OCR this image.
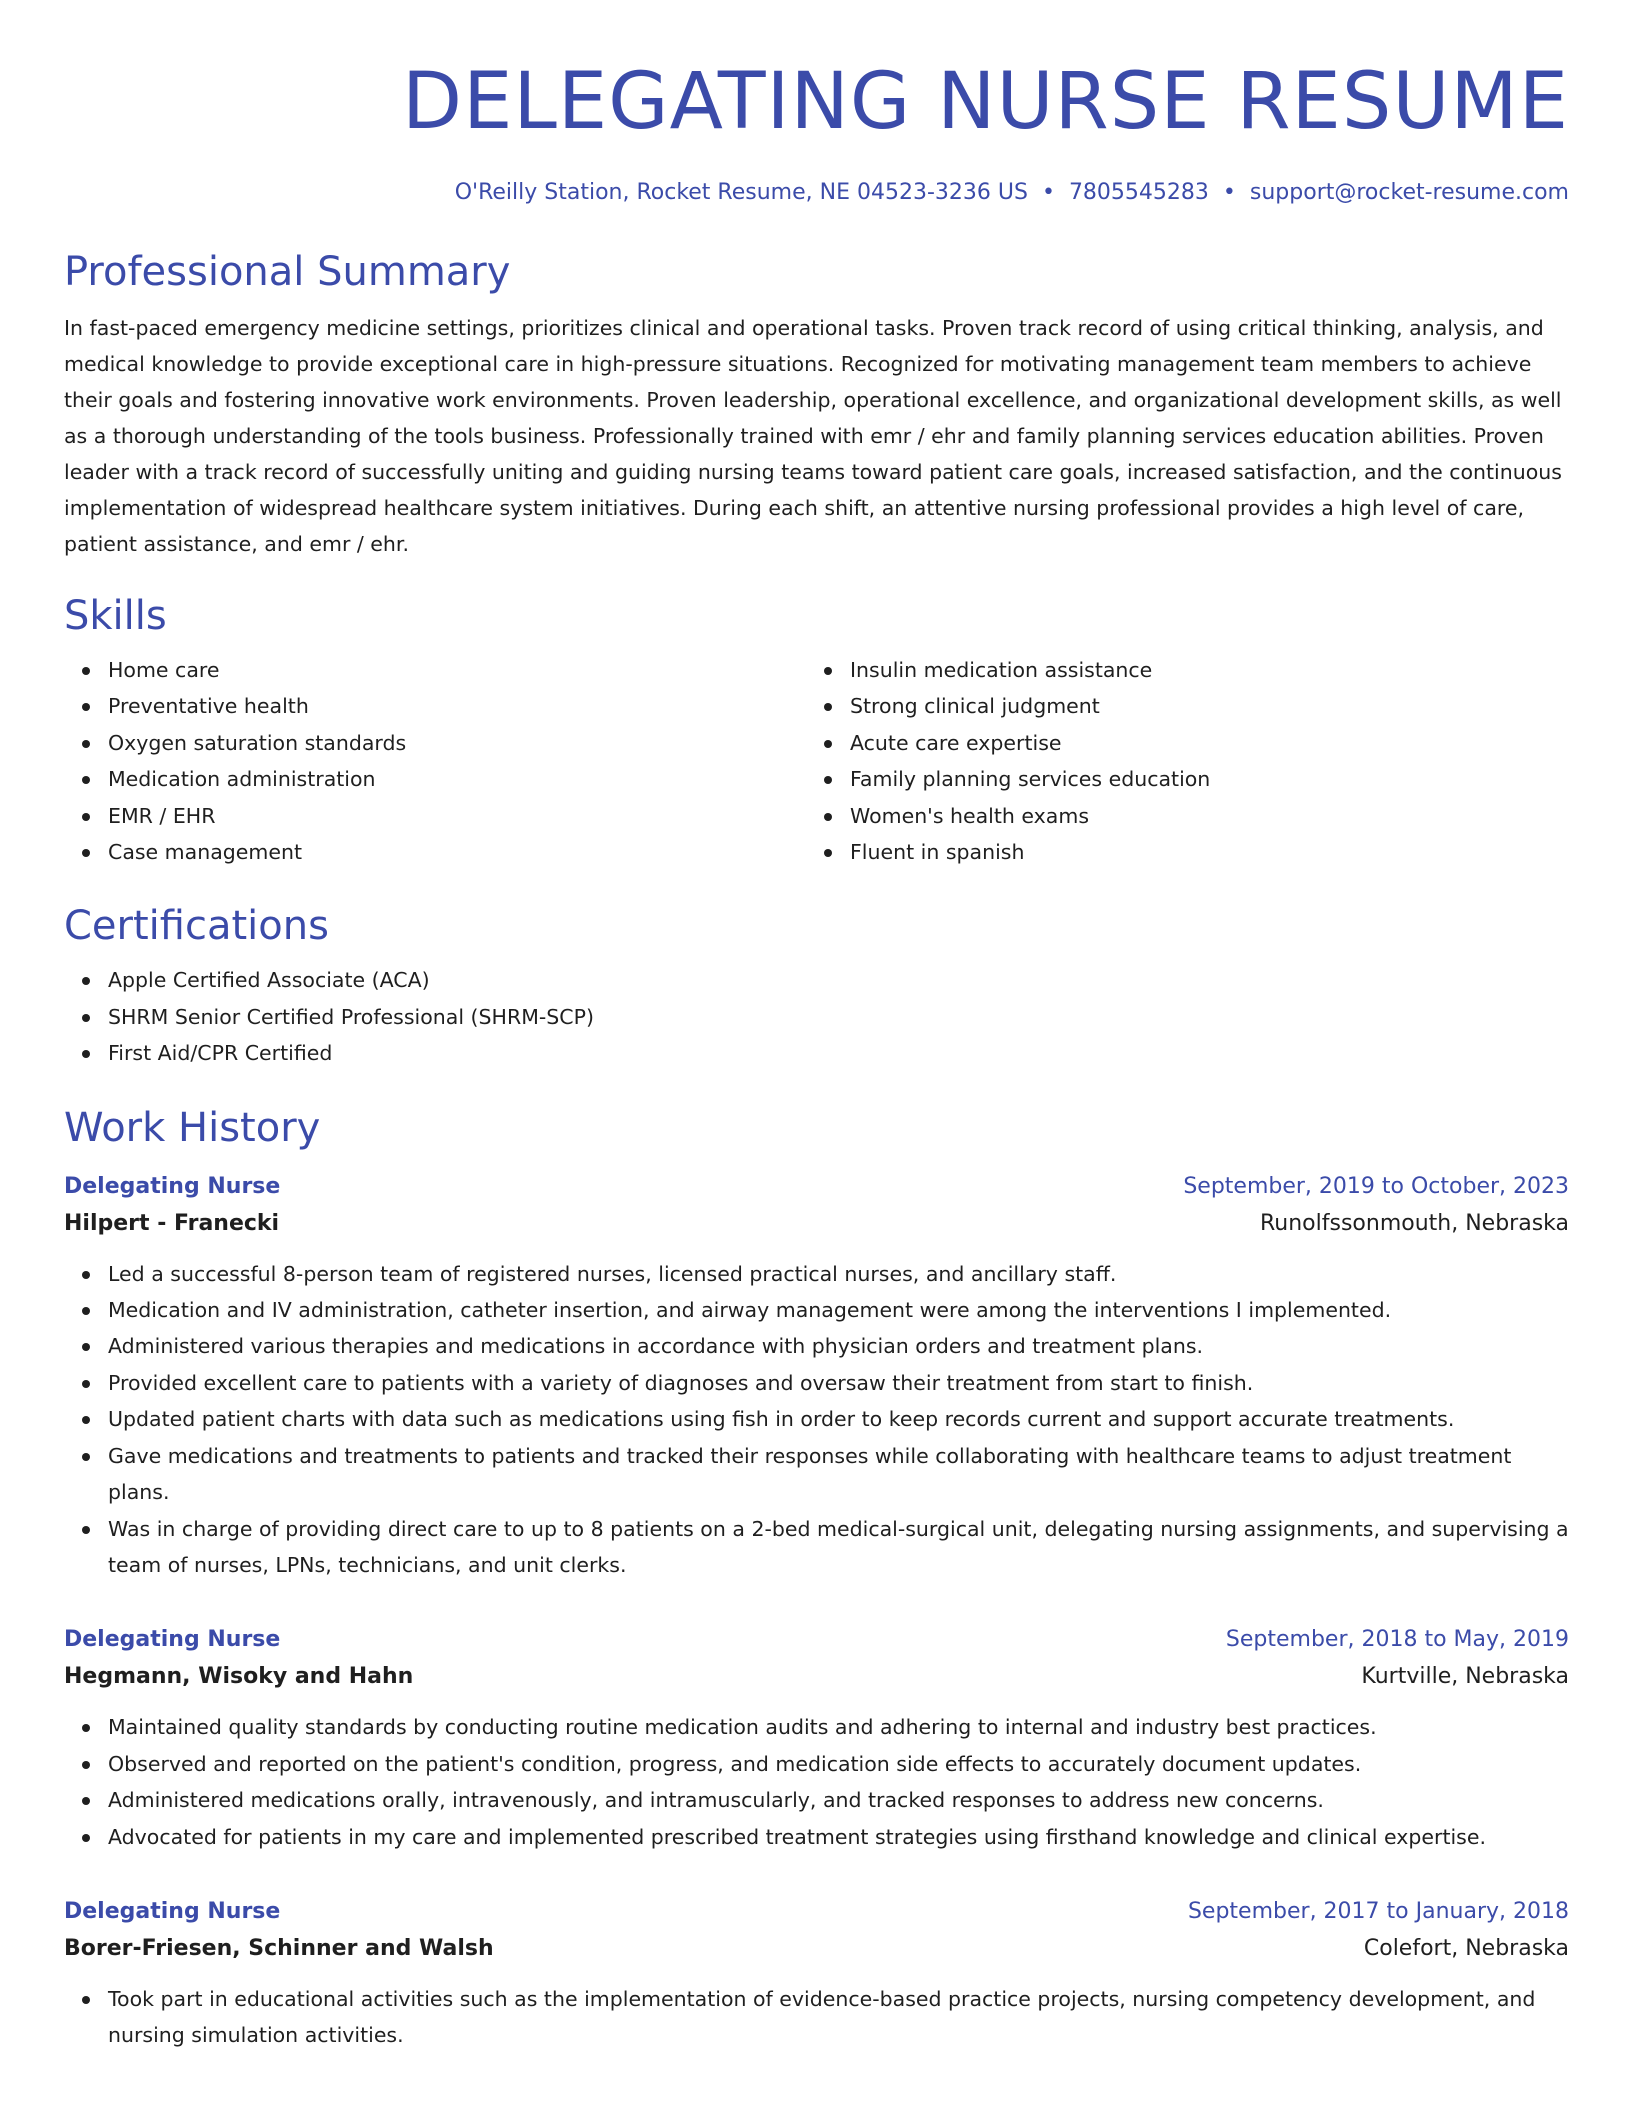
DELEGATING NURSE RESUME
O'Reilly Station, Rocket Resume, NE 04523-3236 US • 7805545283 • support@rocket-resume.com
Professional Summary

In fast-paced emergency medicine settings, prioritizes clinical and operational tasks. Proven track record of using critical thinking, analysis, and medical knowledge to provide exceptional care in high-pressure situations. Recognized for motivating management team members to achieve their goals and fostering innovative work environments. Proven leadership, operational excellence, and organizational development skills, as well as a thorough understanding of the tools business. Professionally trained with emr / ehr and family planning services education abilities. Proven leader with a track record of successfully uniting and guiding nursing teams toward patient care goals, increased satisfaction, and the continuous implementation of widespread healthcare system initiatives. During each shift, an attentive nursing professional provides a high level of care, patient assistance, and emr / ehr.

Skills
Home care
Preventative health
Oxygen saturation standards
Medication administration
EMR / EHR
Case management
Insulin medication assistance
Strong clinical judgment
Acute care expertise
Family planning services education
Women's health exams
Fluent in spanish
Certifications
Apple Certified Associate (ACA)
SHRM Senior Certified Professional (SHRM-SCP)
First Aid/CPR Certified
Work History
Delegating Nurse	September, 2019 to October, 2023
Hilpert - Franecki	Runolfssonmouth, Nebraska
Led a successful 8-person team of registered nurses, licensed practical nurses, and ancillary staff.
Medication and IV administration, catheter insertion, and airway management were among the interventions I implemented.
Administered various therapies and medications in accordance with physician orders and treatment plans.
Provided excellent care to patients with a variety of diagnoses and oversaw their treatment from start to finish.
Updated patient charts with data such as medications using fish in order to keep records current and support accurate treatments.
Gave medications and treatments to patients and tracked their responses while collaborating with healthcare teams to adjust treatment plans.
Was in charge of providing direct care to up to 8 patients on a 2-bed medical-surgical unit, delegating nursing assignments, and supervising a team of nurses, LPNs, technicians, and unit clerks.
Delegating Nurse	September, 2018 to May, 2019
Hegmann, Wisoky and Hahn	Kurtville, Nebraska
Maintained quality standards by conducting routine medication audits and adhering to internal and industry best practices.
Observed and reported on the patient's condition, progress, and medication side effects to accurately document updates.
Administered medications orally, intravenously, and intramuscularly, and tracked responses to address new concerns.
Advocated for patients in my care and implemented prescribed treatment strategies using firsthand knowledge and clinical expertise.
Delegating Nurse	September, 2017 to January, 2018
Borer-Friesen, Schinner and Walsh	Colefort, Nebraska
Took part in educational activities such as the implementation of evidence-based practice projects, nursing competency development, and nursing simulation activities.
